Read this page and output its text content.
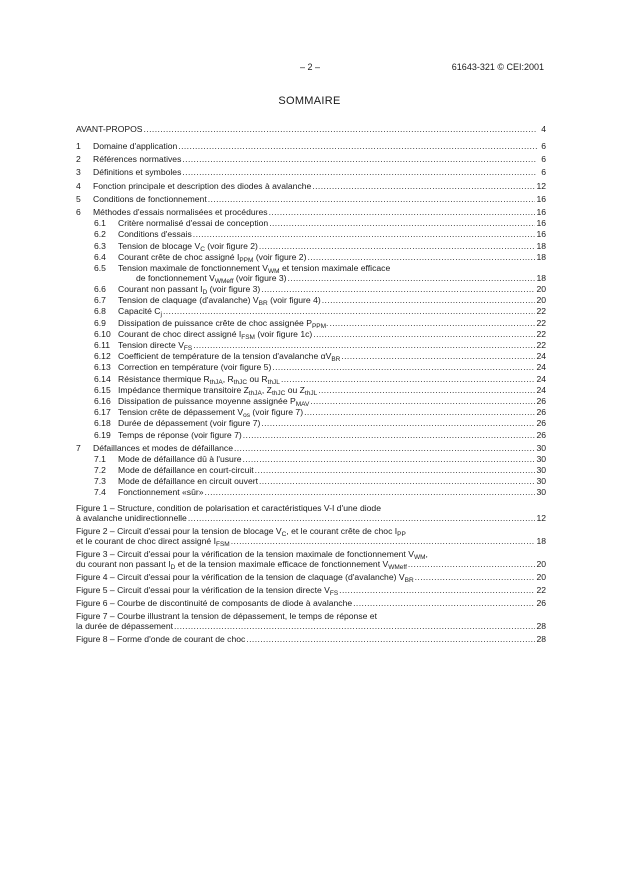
– 2 –	61643-321 © CEI:2001
SOMMAIRE
AVANT-PROPOS .....	4
1	Domaine d'application .....	6
2	Références normatives .....	6
3	Définitions et symboles .....	6
4	Fonction principale et description des diodes à avalanche .....	12
5	Conditions de fonctionnement .....	16
6	Méthodes d'essais normalisées et procédures .....	16
6.1	Critère normalisé d'essai de conception .....	16
6.2	Conditions d'essais .....	16
6.3	Tension de blocage $V_C$ (voir figure 2) .....	18
6.4	Courant crête de choc assigné $I_{PPM}$ (voir figure 2) .....	18
6.5	Tension maximale de fonctionnement $V_{WM}$ et tension maximale efficace
de fonctionnement $V_{WMeff}$ (voir figure 3) .....	18
6.6	Courant non passant $I_D$ (voir figure 3) .....	20
6.7	Tension de claquage (d'avalanche) $V_{BR}$ (voir figure 4) .....	20
6.8	Capacité $C_j$ .....	22
6.9	Dissipation de puissance crête de choc assignée $P_{PPM}$. .....	22
6.10 Courant de choc direct assigné $I_{FSM}$ (voir figure 1c) .....	22
6.11 Tension directe $V_{FS}$ .....	22
6.12 Coefficient de température de la tension d'avalanche $\alpha V_{BR}$ .....	24
6.13 Correction en température (voir figure 5) .....	24
6.14 Résistance thermique $R_{thJA}$, $R_{thJC}$ ou $R_{thJL}$ .....	24
6.15 Impédance thermique transitoire $Z_{thJA}$, $Z_{thJC}$ ou $Z_{thJL}$ .....	24
6.16 Dissipation de puissance moyenne assignée $P_{MAV}$ .....	26
6.17 Tension crête de dépassement $V_{os}$ (voir figure 7) .....	26
6.18 Durée de dépassement (voir figure 7) .....	26
6.19 Temps de réponse (voir figure 7) .....	26
7	Défaillances et modes de défaillance .....	30
7.1	Mode de défaillance dû à l'usure .....	30
7.2	Mode de défaillance en court-circuit .....	30
7.3	Mode de défaillance en circuit ouvert .....	30
7.4	Fonctionnement «sûr» .....	30
Figure 1 – Structure, condition de polarisation et caractéristiques V-I d'une diode
à avalanche unidirectionnelle .....	12
Figure 2 – Circuit d'essai pour la tension de blocage $V_C$, et le courant crête de choc $I_{PP}$
et le courant de choc direct assigné $I_{FSM}$ .....	18
Figure 3 – Circuit d'essai pour la vérification de la tension maximale de fonctionnement $V_{WM}$,
du courant non passant $I_D$ et de la tension maximale efficace de fonctionnement $V_{WMeff}$ .....	20
Figure 4 – Circuit d'essai pour la vérification de la tension de claquage (d'avalanche) $V_{BR}$ .....	20
Figure 5 – Circuit d'essai pour la vérification de la tension directe $V_{FS}$ .....	22
Figure 6 – Courbe de discontinuité de composants de diode à avalanche .....	26
Figure 7 – Courbe illustrant la tension de dépassement, le temps de réponse et
la durée de dépassement .....	28
Figure 8 – Forme d'onde de courant de choc .....	28
